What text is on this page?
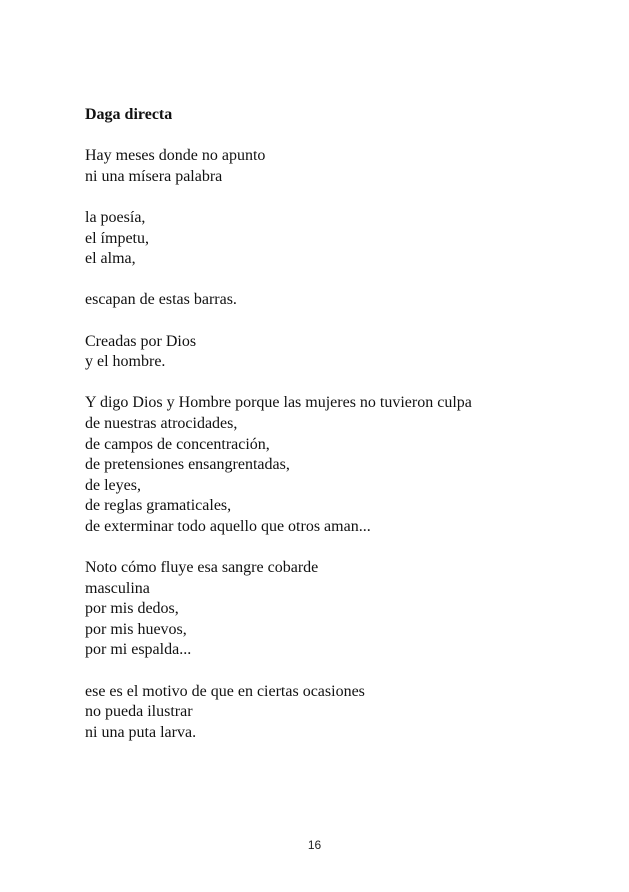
Daga directa
Hay meses donde no apunto
ni una mísera palabra
la poesía,
el ímpetu,
el alma,
escapan de estas barras.
Creadas por Dios
y el hombre.
Y digo Dios y Hombre porque las mujeres no tuvieron culpa
de nuestras atrocidades,
de campos de concentración,
de pretensiones ensangrentadas,
de leyes,
de reglas gramaticales,
de exterminar todo aquello que otros aman...
Noto cómo fluye esa sangre cobarde
masculina
por mis dedos,
por mis huevos,
por mi espalda...
ese es el motivo de que en ciertas ocasiones
no pueda ilustrar
ni una puta larva.
16
